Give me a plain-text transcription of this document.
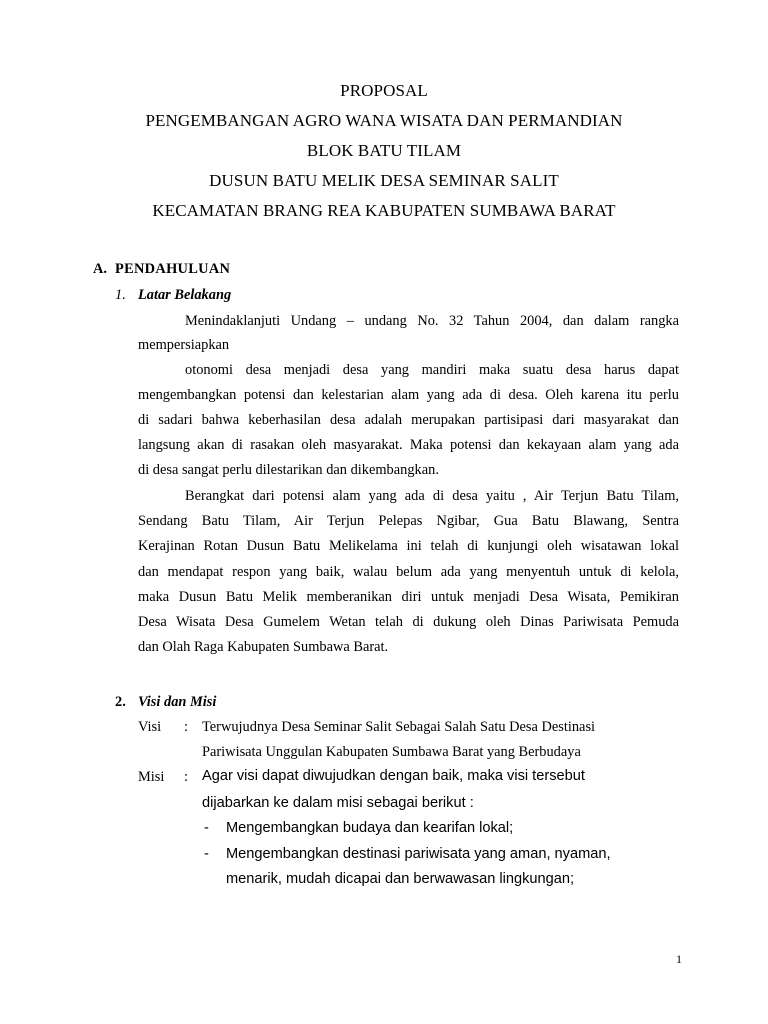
PROPOSAL
PENGEMBANGAN AGRO WANA WISATA DAN PERMANDIAN
BLOK BATU TILAM
DUSUN BATU MELIK DESA SEMINAR SALIT
KECAMATAN BRANG REA KABUPATEN SUMBAWA BARAT
A. PENDAHULUAN
1. Latar Belakang
Menindaklanjuti Undang – undang No. 32 Tahun 2004, dan dalam rangka
mempersiapkan
otonomi desa menjadi desa yang mandiri maka suatu desa harus dapat
mengembangkan potensi dan kelestarian alam yang ada di desa. Oleh karena itu perlu
di sadari bahwa keberhasilan desa adalah merupakan partisipasi dari masyarakat dan
langsung akan di rasakan oleh masyarakat. Maka potensi dan kekayaan alam yang ada
di desa sangat perlu dilestarikan dan dikembangkan.
Berangkat dari potensi alam yang ada di desa yaitu , Air Terjun Batu Tilam,
Sendang Batu Tilam, Air Terjun Pelepas Ngibar, Gua Batu Blawang, Sentra
Kerajinan Rotan Dusun Batu Melikelama ini telah di kunjungi oleh wisatawan lokal
dan mendapat respon yang baik, walau belum ada yang menyentuh untuk di kelola,
maka Dusun Batu Melik memberanikan diri untuk menjadi Desa Wisata, Pemikiran
Desa Wisata Desa Gumelem Wetan telah di dukung oleh Dinas Pariwisata Pemuda
dan Olah Raga Kabupaten Sumbawa Barat.
2. Visi dan Misi
Visi : Terwujudnya Desa Seminar Salit Sebagai Salah Satu Desa Destinasi
Pariwisata Unggulan Kabupaten Sumbawa Barat yang Berbudaya
Misi : Agar visi dapat diwujudkan dengan baik, maka visi tersebut
dijabarkan ke dalam misi sebagai berikut :
- Mengembangkan budaya dan kearifan lokal;
- Mengembangkan destinasi pariwisata yang aman, nyaman,
menarik, mudah dicapai dan berwawasan lingkungan;
1
